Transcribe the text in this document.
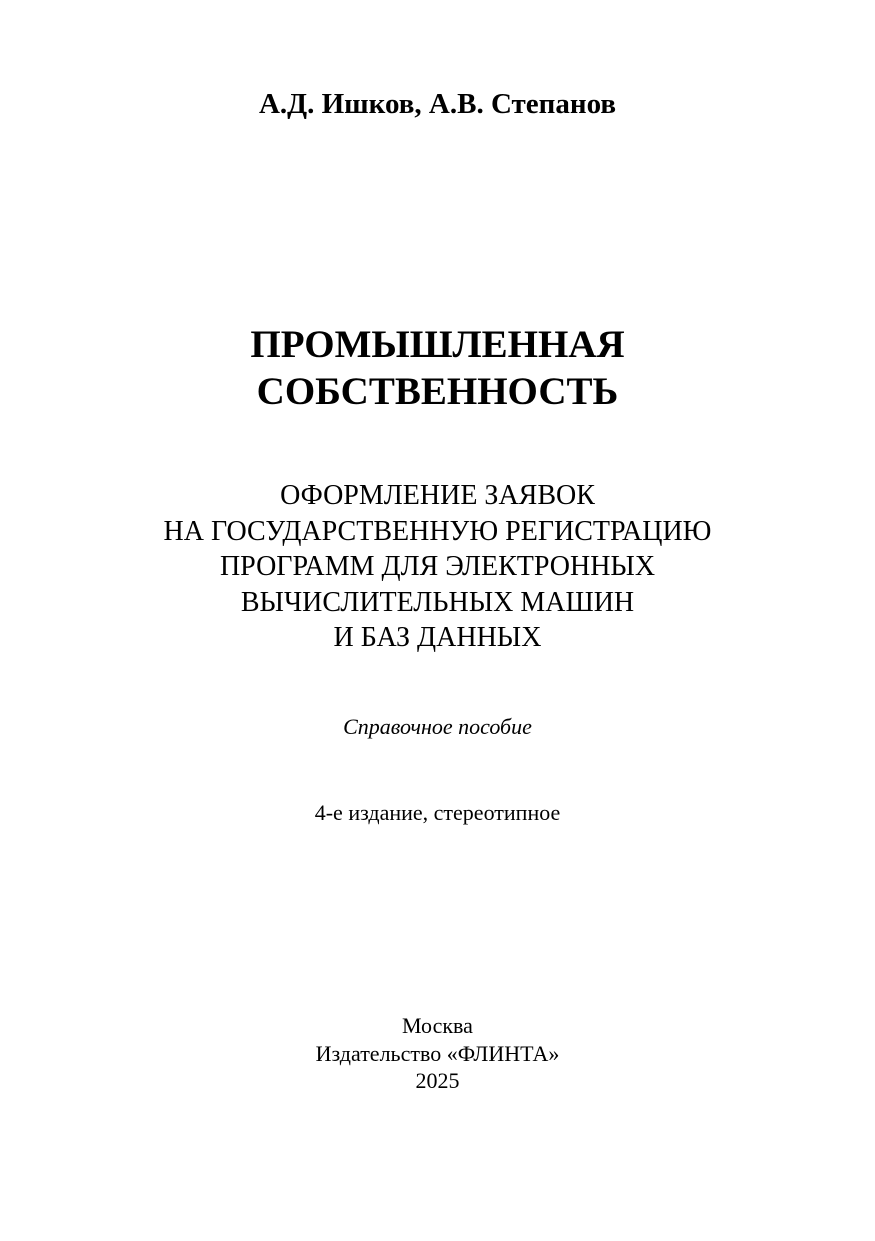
А.Д. Ишков, А.В. Степанов
ПРОМЫШЛЕННАЯ
СОБСТВЕННОСТЬ
ОФОРМЛЕНИЕ ЗАЯВОК
НА ГОСУДАРСТВЕННУЮ РЕГИСТРАЦИЮ
ПРОГРАММ ДЛЯ ЭЛЕКТРОННЫХ
ВЫЧИСЛИТЕЛЬНЫХ МАШИН
И БАЗ ДАННЫХ
Справочное пособие
4-е издание, стереотипное
Москва
Издательство «ФЛИНТА»
2025
